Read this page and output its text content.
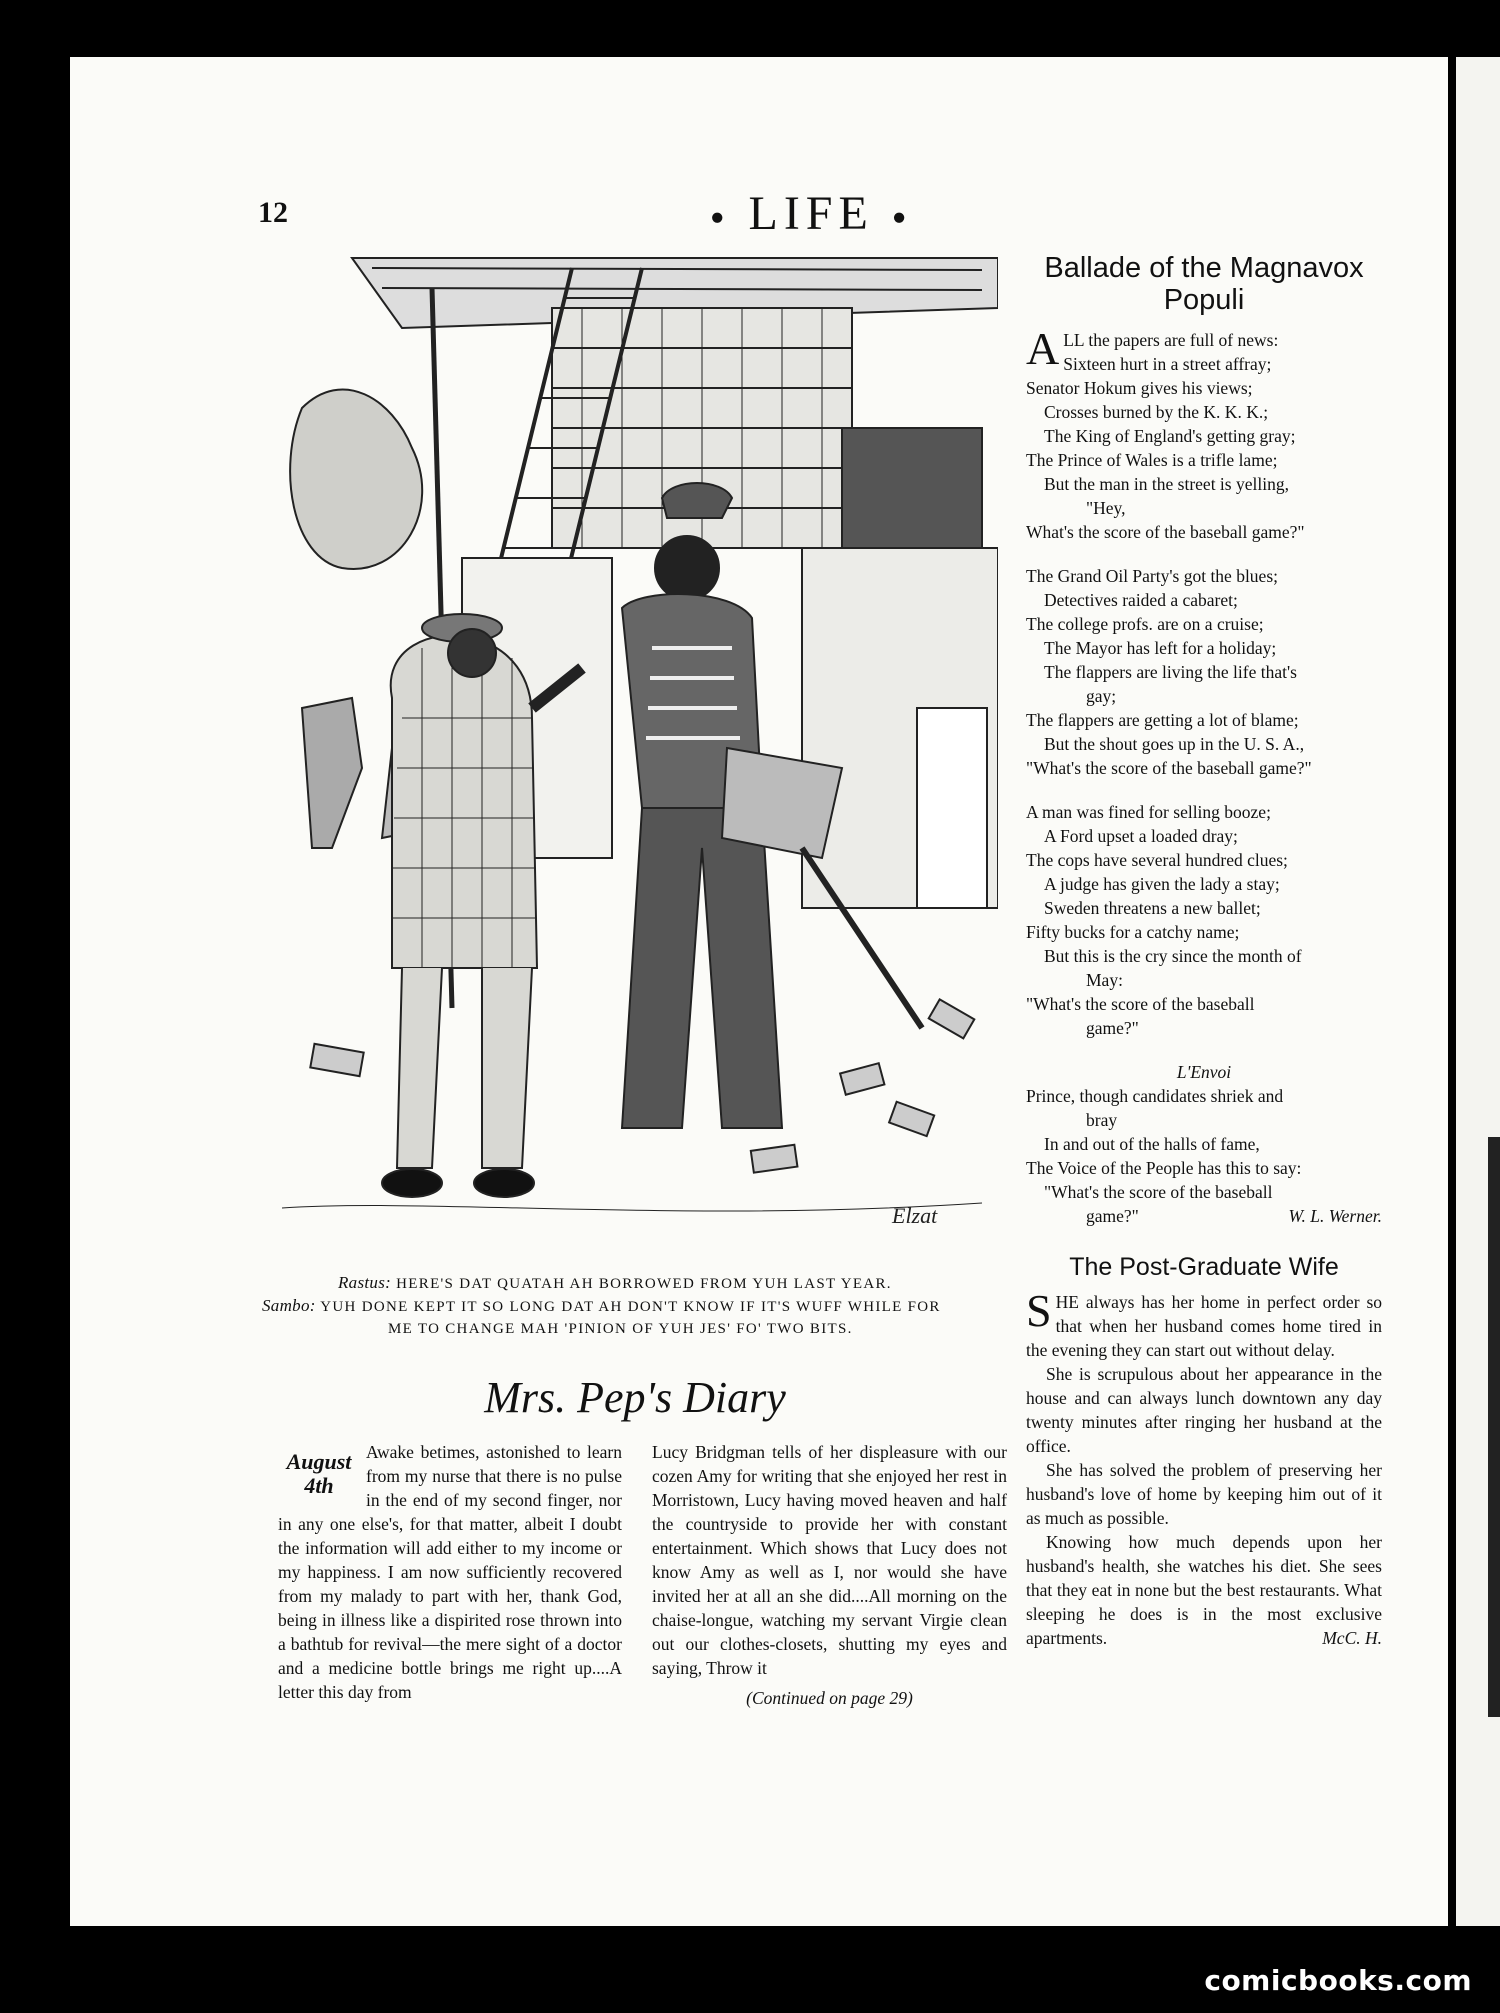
12	● LIFE ●
Elzat
Rastus: HERE'S DAT QUATAH AH BORROWED FROM YUH LAST YEAR.
Sambo: YUH DONE KEPT IT SO LONG DAT AH DON'T KNOW IF IT'S WUFF WHILE FOR
ME TO CHANGE MAH 'PINION OF YUH JES' FO' TWO BITS.
Mrs. Pep's Diary
August 4th
Awake betimes, astonished to learn from my nurse that there is no pulse in the end of my second finger, nor in any one else's, for that matter, albeit I doubt the information will add either to my income or my happiness. I am now sufficiently recovered from my malady to part with her, thank God, being in illness like a dispirited rose thrown into a bathtub for revival—the mere sight of a doctor and a medicine bottle brings me right up....A letter this day from
Lucy Bridgman tells of her displeasure with our cozen Amy for writing that she enjoyed her rest in Morristown, Lucy having moved heaven and half the countryside to provide her with constant entertainment. Which shows that Lucy does not know Amy as well as I, nor would she have invited her at all an she did....All morning on the chaise-longue, watching my servant Virgie clean out our clothes-closets, shutting my eyes and saying, Throw it
(Continued on page 29)
Ballade of the Magnavox
Populi
A LL the papers are full of news:

Sixteen hurt in a street affray;

Senator Hokum gives his views;

Crosses burned by the K. K. K.;

The King of England's getting gray;

The Prince of Wales is a trifle lame;

But the man in the street is yelling,

"Hey,

What's the score of the baseball game?"

The Grand Oil Party's got the blues;

Detectives raided a cabaret;

The college profs. are on a cruise;

The Mayor has left for a holiday;

The flappers are living the life that's

gay;

The flappers are getting a lot of blame;

But the shout goes up in the U. S. A.,

"What's the score of the baseball game?"

A man was fined for selling booze;

A Ford upset a loaded dray;

The cops have several hundred clues;

A judge has given the lady a stay;

Sweden threatens a new ballet;

Fifty bucks for a catchy name;

But this is the cry since the month of

May:

"What's the score of the baseball

game?"

L'Envoi

Prince, though candidates shriek and

bray

In and out of the halls of fame,

The Voice of the People has this to say:

"What's the score of the baseball

game?"	W. L. Werner.

The Post-Graduate Wife

SHE always has her home in perfect order so that when her husband comes home tired in the evening they can start out without delay.

She is scrupulous about her appearance in the house and can always lunch downtown any day twenty minutes after ringing her husband at the office.

She has solved the problem of preserving her husband's love of home by keeping him out of it as much as possible.

Knowing how much depends upon her husband's health, she watches his diet. She sees that they eat in none but the best restaurants. What sleeping he does is in the most exclusive apartments.	McC. H.

comicbooks.com
